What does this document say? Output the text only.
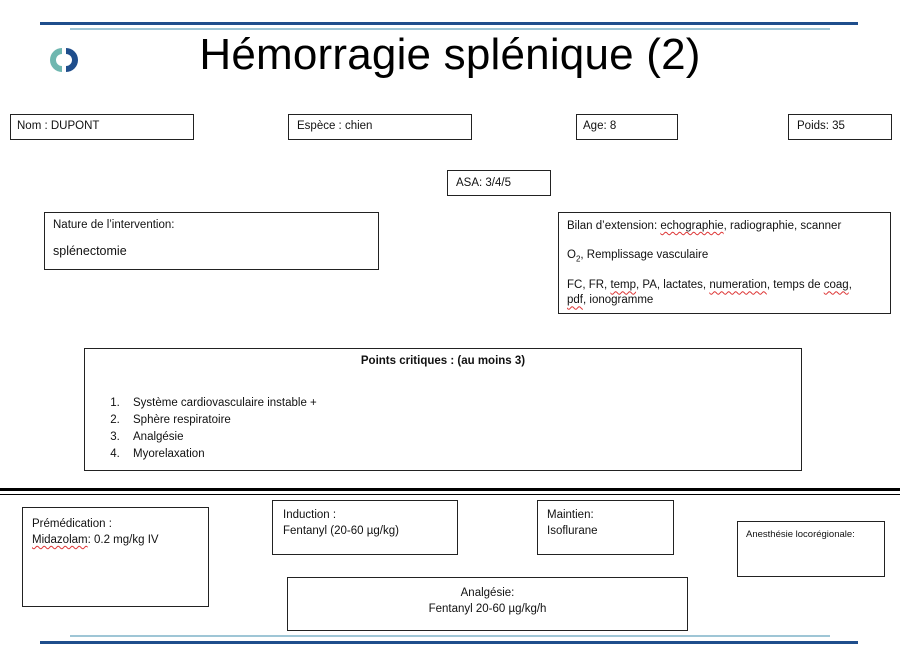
Hémorragie splénique (2)
Nom : DUPONT	Espèce : chien	Age: 8	Poids: 35
ASA: 3/4/5
Nature de l’intervention:
splénectomie
Bilan d’extension: echographie, radiographie, scanner
$O_2$, Remplissage vasculaire
FC, FR, temp, PA, lactates, numeration, temps de coag,
pdf, ionogramme
Points critiques : (au moins 3)
1. Système cardiovasculaire instable +
2. Sphère respiratoire
3. Analgésie
4. Myorelaxation
Prémédication :
Midazolam: 0.2 mg/kg IV
Induction :
Fentanyl (20-60 µg/kg)
Maintien:
Isoflurane	Anesthésie locorégionale:
Analgésie:
Fentanyl 20-60 µg/kg/h
